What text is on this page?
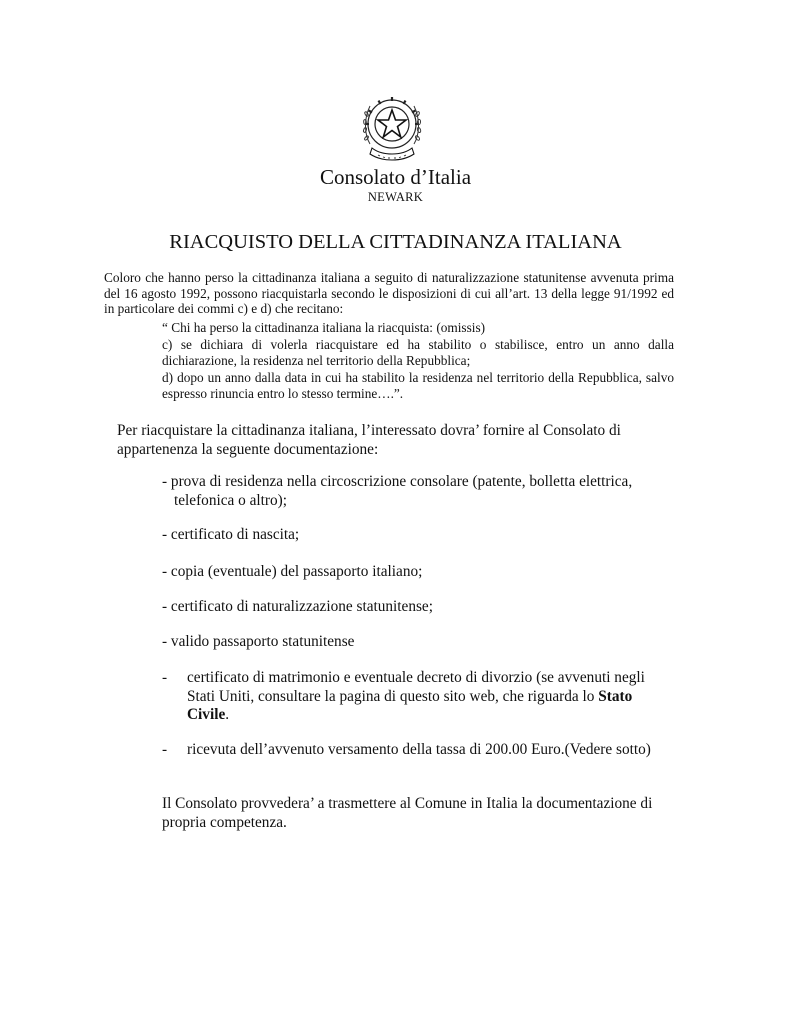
Consolato d’Italia
NEWARK
RIACQUISTO DELLA CITTADINANZA ITALIANA
Coloro che hanno perso la cittadinanza italiana a seguito di naturalizzazione statunitense avvenuta prima del 16 agosto 1992, possono riacquistarla secondo le disposizioni di cui all’art. 13 della legge 91/1992 ed in particolare dei commi c) e d) che recitano:
“ Chi ha perso la cittadinanza italiana la riacquista: (omissis)
c) se dichiara di volerla riacquistare ed ha stabilito o stabilisce, entro un anno dalla dichiarazione, la residenza nel territorio della Repubblica;
d) dopo un anno dalla data in cui ha stabilito la residenza nel territorio della Repubblica, salvo espresso rinuncia entro lo stesso termine….”.
Per riacquistare la cittadinanza italiana, l’interessato dovra’ fornire al Consolato di appartenenza la seguente documentazione:
- prova di residenza nella circoscrizione consolare (patente, bolletta elettrica,
telefonica o altro);
- certificato di nascita;
- copia (eventuale) del passaporto italiano;
- certificato di naturalizzazione statunitense;
- valido passaporto statunitense
- certificato di matrimonio e eventuale decreto di divorzio (se avvenuti negli Stati Uniti, consultare la pagina di questo sito web, che riguarda lo Stato Civile.
- ricevuta dell’avvenuto versamento della tassa di 200.00 Euro.(Vedere sotto)
Il Consolato provvedera’ a trasmettere al Comune in Italia la documentazione di propria competenza.
